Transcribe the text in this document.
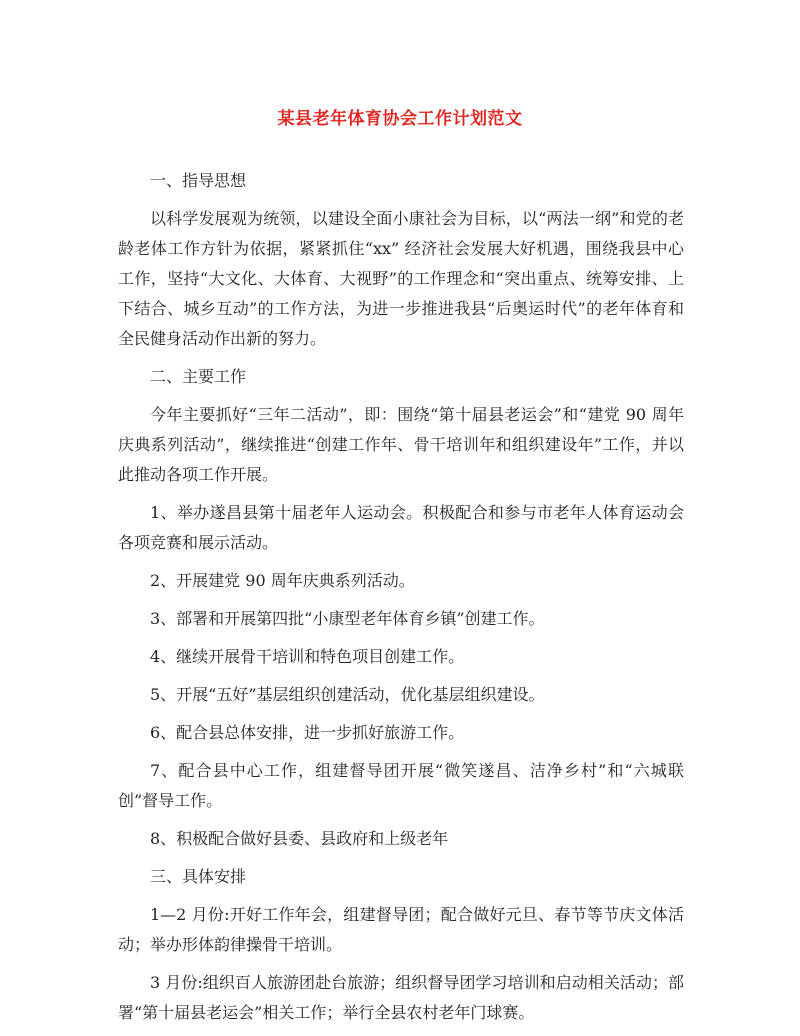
某县老年体育协会工作计划范文

一、指导思想

以科学发展观为统领，以建设全面小康社会为目标，以“两法一纲”和党的老龄老体工作方针为依据，紧紧抓住“xx” 经济社会发展大好机遇，围绕我县中心工作，坚持“大文化、大体育、大视野”的工作理念和“突出重点、统筹安排、上下结合、城乡互动”的工作方法，为进一步推进我县“后奥运时代”的老年体育和全民健身活动作出新的努力。

二、主要工作

今年主要抓好“三年二活动”，即：围绕“第十届县老运会”和“建党 90 周年庆典系列活动”，继续推进“创建工作年、骨干培训年和组织建设年”工作，并以此推动各项工作开展。

1、举办遂昌县第十届老年人运动会。积极配合和参与市老年人体育运动会各项竞赛和展示活动。

2、开展建党 90 周年庆典系列活动。

3、部署和开展第四批“小康型老年体育乡镇”创建工作。

4、继续开展骨干培训和特色项目创建工作。

5、开展“五好”基层组织创建活动，优化基层组织建设。

6、配合县总体安排，进一步抓好旅游工作。

7、配合县中心工作，组建督导团开展“微笑遂昌、洁净乡村”和“六城联创”督导工作。

8、积极配合做好县委、县政府和上级老年

三、具体安排

1—2 月份:开好工作年会，组建督导团；配合做好元旦、春节等节庆文体活动；举办形体韵律操骨干培训。

3 月份:组织百人旅游团赴台旅游；组织督导团学习培训和启动相关活动；部署“第十届县老运会”相关工作；举行全县农村老年门球赛。
